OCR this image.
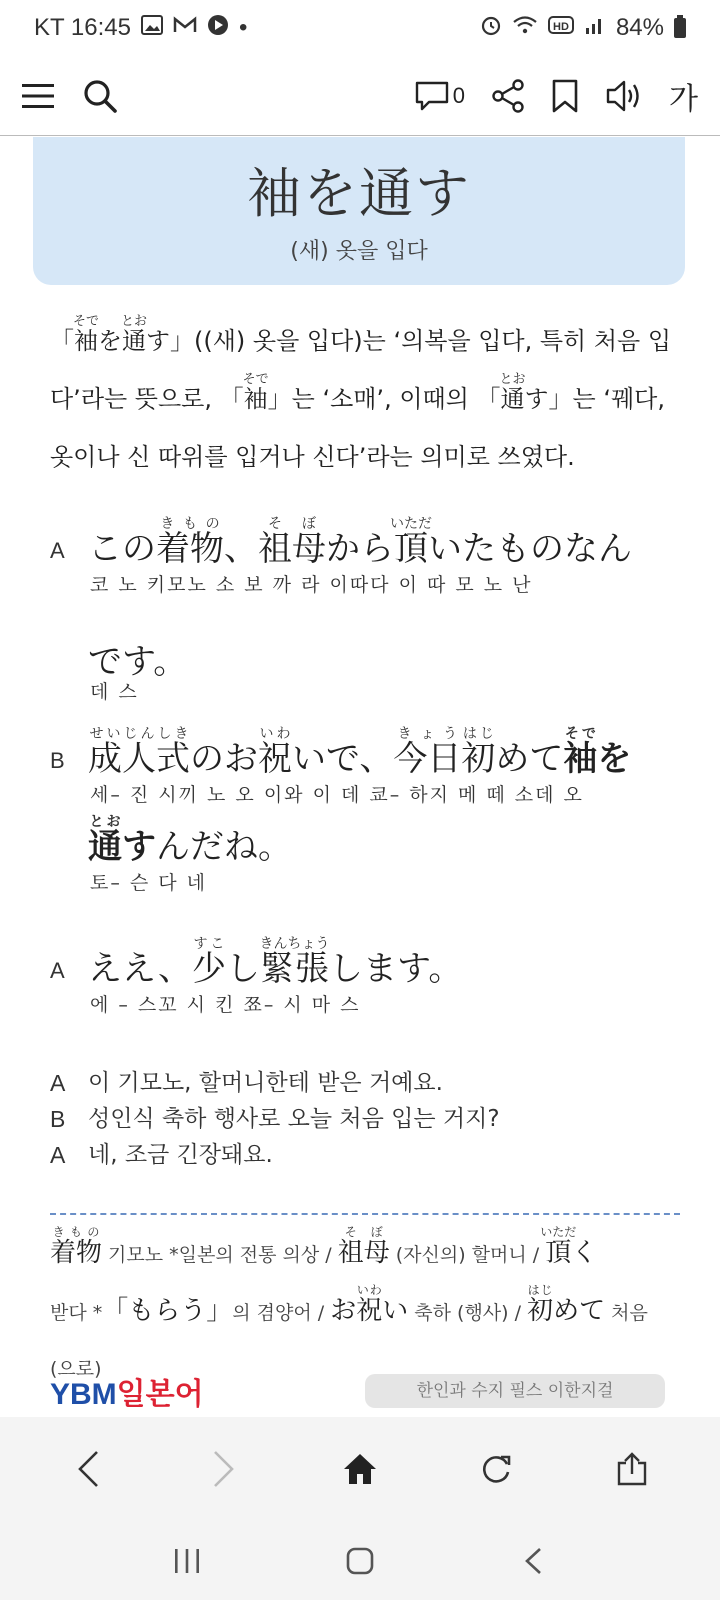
KT 16:45	•	HD 84%
0	가
袖を通す
(새) 옷을 입다
「袖そでを通とおす」((새) 옷을 입다)는 ‘의복을 입다, 특히 처음 입다’라는 뜻으로, 「袖そで」는 ‘소매’, 이때의 「通とおす」는 ‘꿰다, 옷이나 신 따위를 입거나 신다’라는 의미로 쓰였다.
A この着物きもの、祖母そぼから頂いただいたものなん
코 노 키모노 소 보 까 라 이따다 이 따 모 노 난
です。
데 스
B 成人式せいじんしきのお祝いわいで、今日きょう初はじめて袖そでを
세– 진 시끼 노 오 이와 이 데 쿄– 하지 메 떼 소데 오
通とおすんだね。
토– 슨 다 네
A ええ、少すこし緊張きんちょうします。
에 – 스꼬 시 킨 쬬– 시 마 스
A 이 기모노, 할머니한테 받은 거예요.
B 성인식 축하 행사로 오늘 처음 입는 거지?
A 네, 조금 긴장돼요.
着物きもの 기모노 *일본의 전통 의상 / 祖母そぼ (자신의) 할머니 / 頂いただく
받다 *「もらう」의 겸양어 / お祝いわい 축하 (행사) / 初はじめて 처음
(으로)
YBM일본어	한인과 수지 필스 이한지걸
